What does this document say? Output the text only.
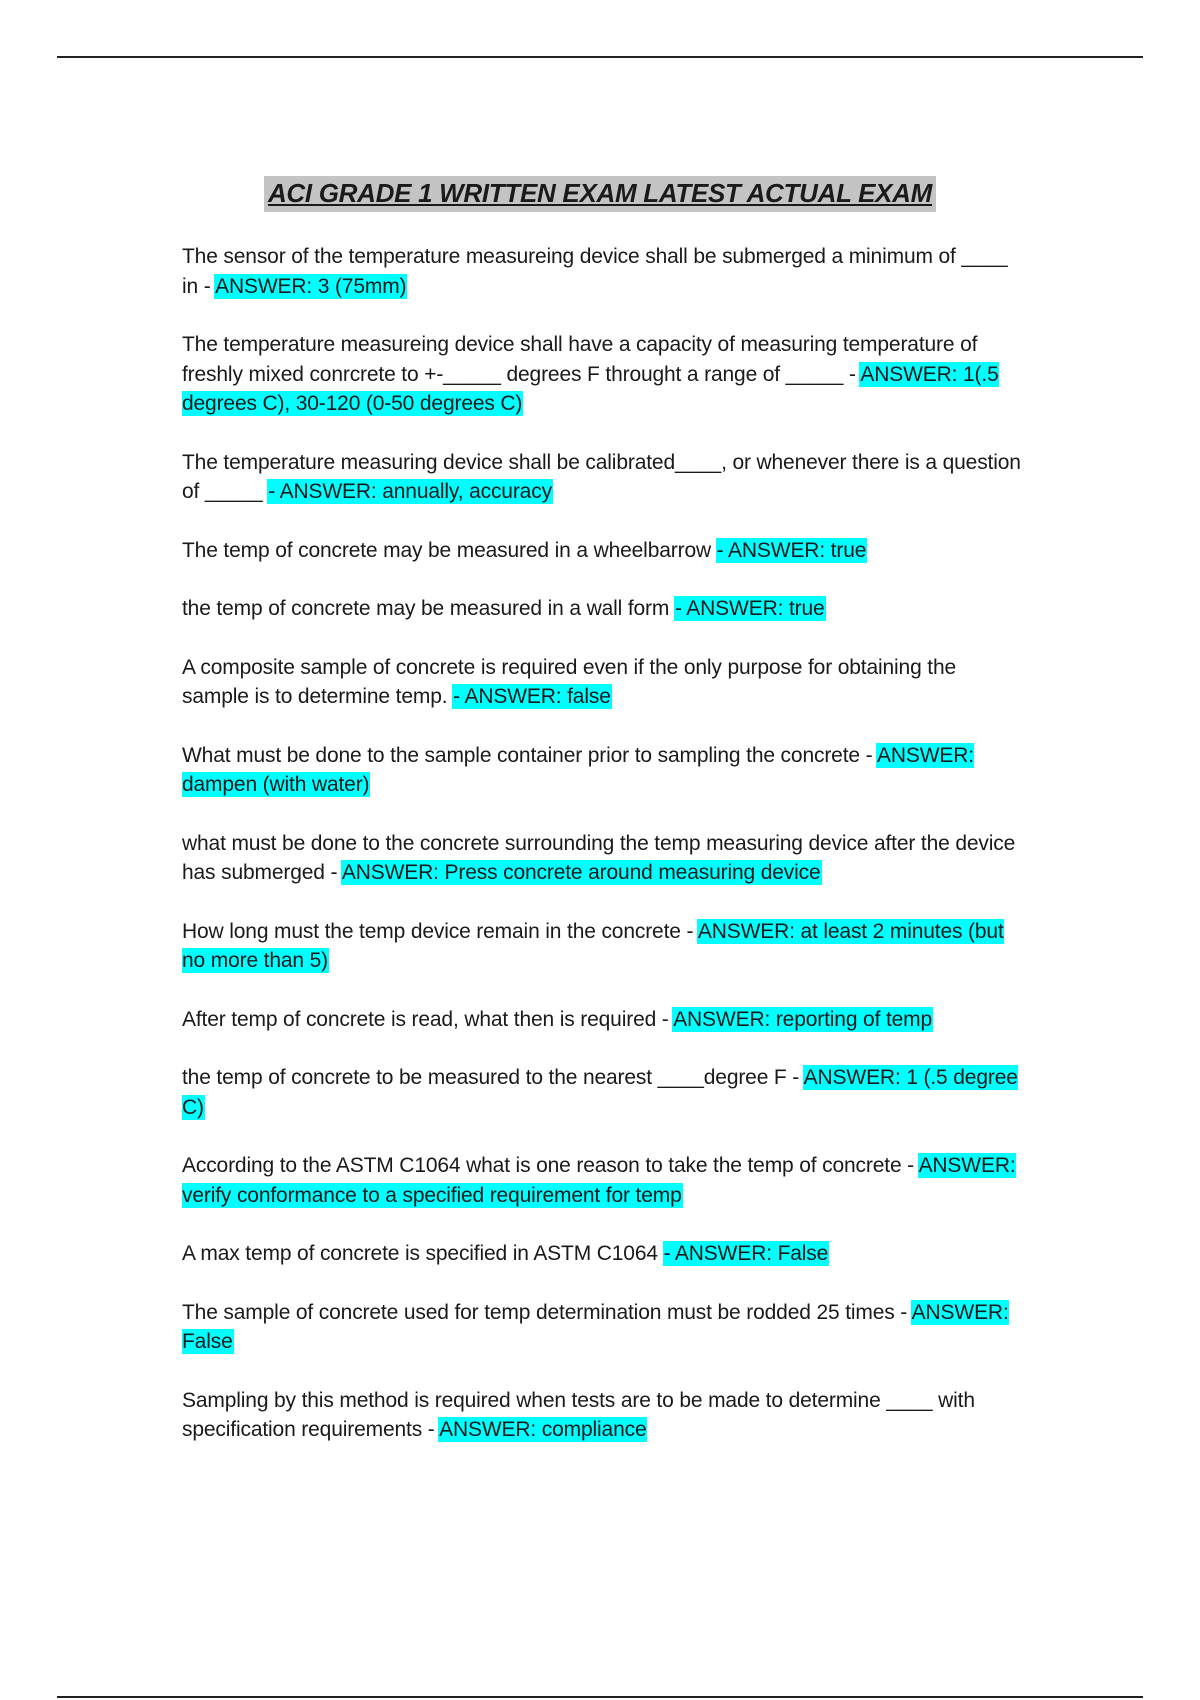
ACI GRADE 1 WRITTEN EXAM LATEST ACTUAL EXAM

The sensor of the temperature measureing device shall be submerged a minimum of ____ in - ANSWER: 3 (75mm)

The temperature measureing device shall have a capacity of measuring temperature of freshly mixed conrcrete to +-_____ degrees F throught a range of _____ - ANSWER: 1(.5 degrees C), 30-120 (0-50 degrees C)

The temperature measuring device shall be calibrated____, or whenever there is a question of _____ - ANSWER: annually, accuracy

The temp of concrete may be measured in a wheelbarrow - ANSWER: true

the temp of concrete may be measured in a wall form - ANSWER: true

A composite sample of concrete is required even if the only purpose for obtaining the sample is to determine temp. - ANSWER: false

What must be done to the sample container prior to sampling the concrete - ANSWER: dampen (with water)

what must be done to the concrete surrounding the temp measuring device after the device has submerged - ANSWER: Press concrete around measuring device

How long must the temp device remain in the concrete - ANSWER: at least 2 minutes (but no more than 5)

After temp of concrete is read, what then is required - ANSWER: reporting of temp

the temp of concrete to be measured to the nearest ____degree F - ANSWER: 1 (.5 degree C)

According to the ASTM C1064 what is one reason to take the temp of concrete - ANSWER: verify conformance to a specified requirement for temp

A max temp of concrete is specified in ASTM C1064 - ANSWER: False

The sample of concrete used for temp determination must be rodded 25 times - ANSWER: False

Sampling by this method is required when tests are to be made to determine ____ with specification requirements - ANSWER: compliance
